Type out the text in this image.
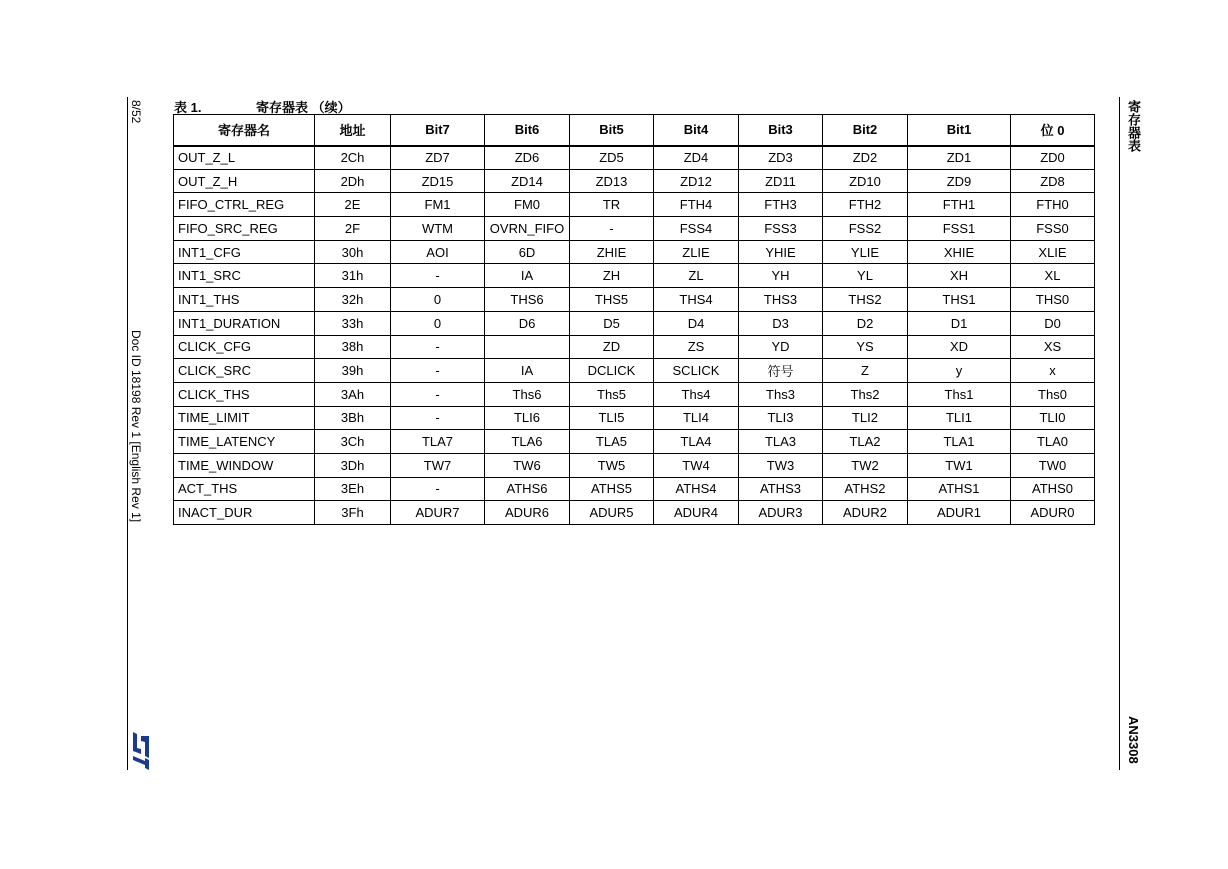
8/52
Doc ID 18198 Rev 1 [English Rev 1]
寄存器表
AN3308
表 1.	寄存器表 （续）
寄存器名	地址	Bit7	Bit6	Bit5	Bit4	Bit3	Bit2	Bit1	位 0
OUT_Z_L	2Ch	ZD7	ZD6	ZD5	ZD4	ZD3	ZD2	ZD1	ZD0
OUT_Z_H	2Dh	ZD15	ZD14	ZD13	ZD12	ZD11	ZD10	ZD9	ZD8
FIFO_CTRL_REG	2E	FM1	FM0	TR	FTH4	FTH3	FTH2	FTH1	FTH0
FIFO_SRC_REG	2F	WTM	OVRN_FIFO	-	FSS4	FSS3	FSS2	FSS1	FSS0
INT1_CFG	30h	AOI	6D	ZHIE	ZLIE	YHIE	YLIE	XHIE	XLIE
INT1_SRC	31h	-	IA	ZH	ZL	YH	YL	XH	XL
INT1_THS	32h	0	THS6	THS5	THS4	THS3	THS2	THS1	THS0
INT1_DURATION	33h	0	D6	D5	D4	D3	D2	D1	D0
CLICK_CFG	38h	-		ZD	ZS	YD	YS	XD	XS
CLICK_SRC	39h	-	IA	DCLICK	SCLICK	符号	Z	y	x
CLICK_THS	3Ah	-	Ths6	Ths5	Ths4	Ths3	Ths2	Ths1	Ths0
TIME_LIMIT	3Bh	-	TLI6	TLI5	TLI4	TLI3	TLI2	TLI1	TLI0
TIME_LATENCY	3Ch	TLA7	TLA6	TLA5	TLA4	TLA3	TLA2	TLA1	TLA0
TIME_WINDOW	3Dh	TW7	TW6	TW5	TW4	TW3	TW2	TW1	TW0
ACT_THS	3Eh	-	ATHS6	ATHS5	ATHS4	ATHS3	ATHS2	ATHS1	ATHS0
INACT_DUR	3Fh	ADUR7	ADUR6	ADUR5	ADUR4	ADUR3	ADUR2	ADUR1	ADUR0
